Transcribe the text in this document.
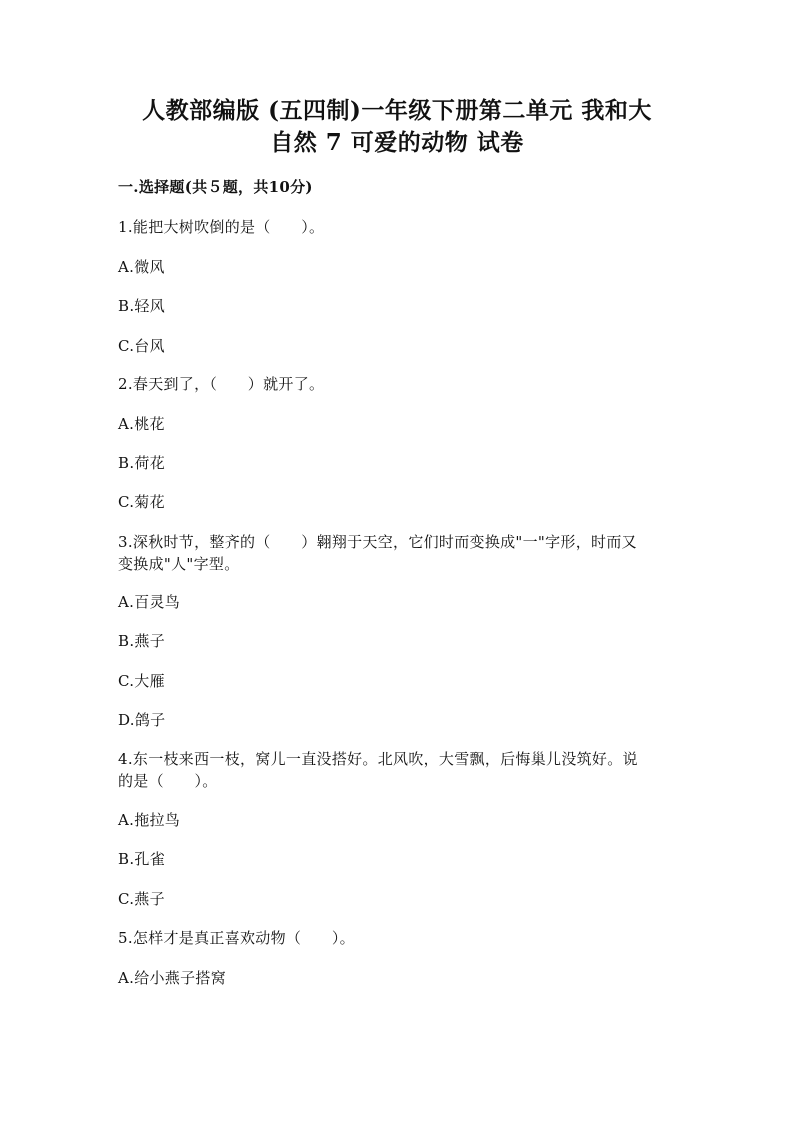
人教部编版 (五四制)一年级下册第二单元 我和大
自然 7 可爱的动物 试卷
一.选择题(共５题，共10分)
1.能把大树吹倒的是（　　）。
A.微风
B.轻风
C.台风
2.春天到了，（　　）就开了。
A.桃花
B.荷花
C.菊花
3.深秋时节，整齐的（　　）翱翔于天空，它们时而变换成"一"字形，时而又
变换成"人"字型。
A.百灵鸟
B.燕子
C.大雁
D.鸽子
4.东一枝来西一枝，窝儿一直没搭好。北风吹，大雪飘，后悔巢儿没筑好。说
的是（　　）。
A.拖拉鸟
B.孔雀
C.燕子
5.怎样才是真正喜欢动物（　　）。
A.给小燕子搭窝
